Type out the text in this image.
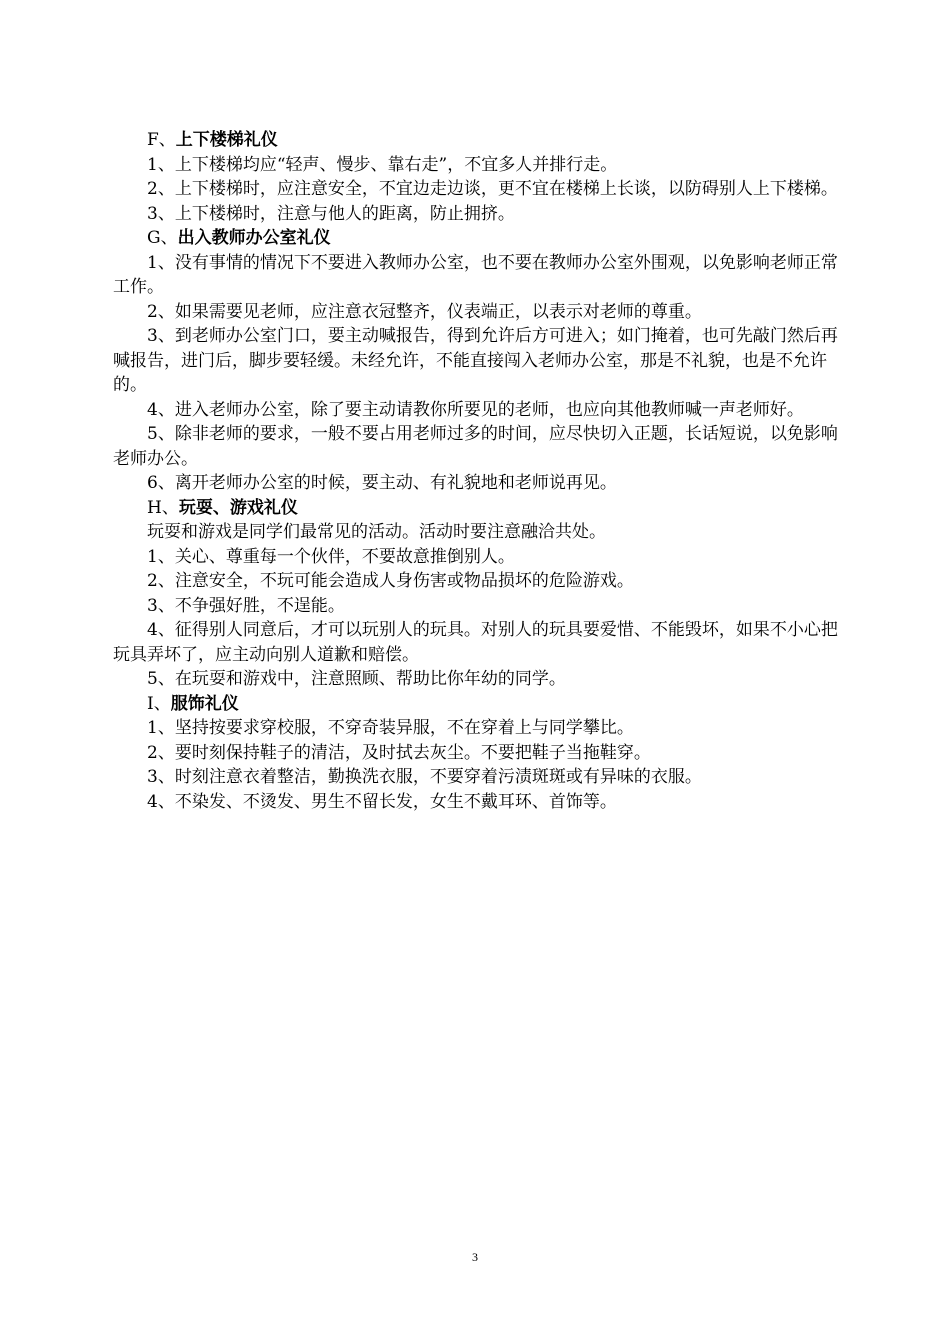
F、上下楼梯礼仪

1、上下楼梯均应“轻声、慢步、靠右走”，不宜多人并排行走。

2、上下楼梯时，应注意安全，不宜边走边谈，更不宜在楼梯上长谈，以防碍别人上下楼梯。

3、上下楼梯时，注意与他人的距离，防止拥挤。

G、出入教师办公室礼仪

1、没有事情的情况下不要进入教师办公室，也不要在教师办公室外围观，以免影响老师正常工作。

2、如果需要见老师，应注意衣冠整齐，仪表端正，以表示对老师的尊重。

3、到老师办公室门口，要主动喊报告，得到允许后方可进入；如门掩着，也可先敲门然后再喊报告，进门后，脚步要轻缓。未经允许，不能直接闯入老师办公室，那是不礼貌，也是不允许的。

4、进入老师办公室，除了要主动请教你所要见的老师，也应向其他教师喊一声老师好。

5、除非老师的要求，一般不要占用老师过多的时间，应尽快切入正题，长话短说，以免影响老师办公。

6、离开老师办公室的时候，要主动、有礼貌地和老师说再见。

H、玩耍、游戏礼仪

玩耍和游戏是同学们最常见的活动。活动时要注意融洽共处。

1、关心、尊重每一个伙伴，不要故意推倒别人。

2、注意安全，不玩可能会造成人身伤害或物品损坏的危险游戏。

3、不争强好胜，不逞能。

4、征得别人同意后，才可以玩别人的玩具。对别人的玩具要爱惜、不能毁坏，如果不小心把玩具弄坏了，应主动向别人道歉和赔偿。

5、在玩耍和游戏中，注意照顾、帮助比你年幼的同学。

I、服饰礼仪

1、坚持按要求穿校服，不穿奇装异服，不在穿着上与同学攀比。

2、要时刻保持鞋子的清洁，及时拭去灰尘。不要把鞋子当拖鞋穿。

3、时刻注意衣着整洁，勤换洗衣服，不要穿着污渍斑斑或有异味的衣服。

4、不染发、不烫发、男生不留长发，女生不戴耳环、首饰等。

3
